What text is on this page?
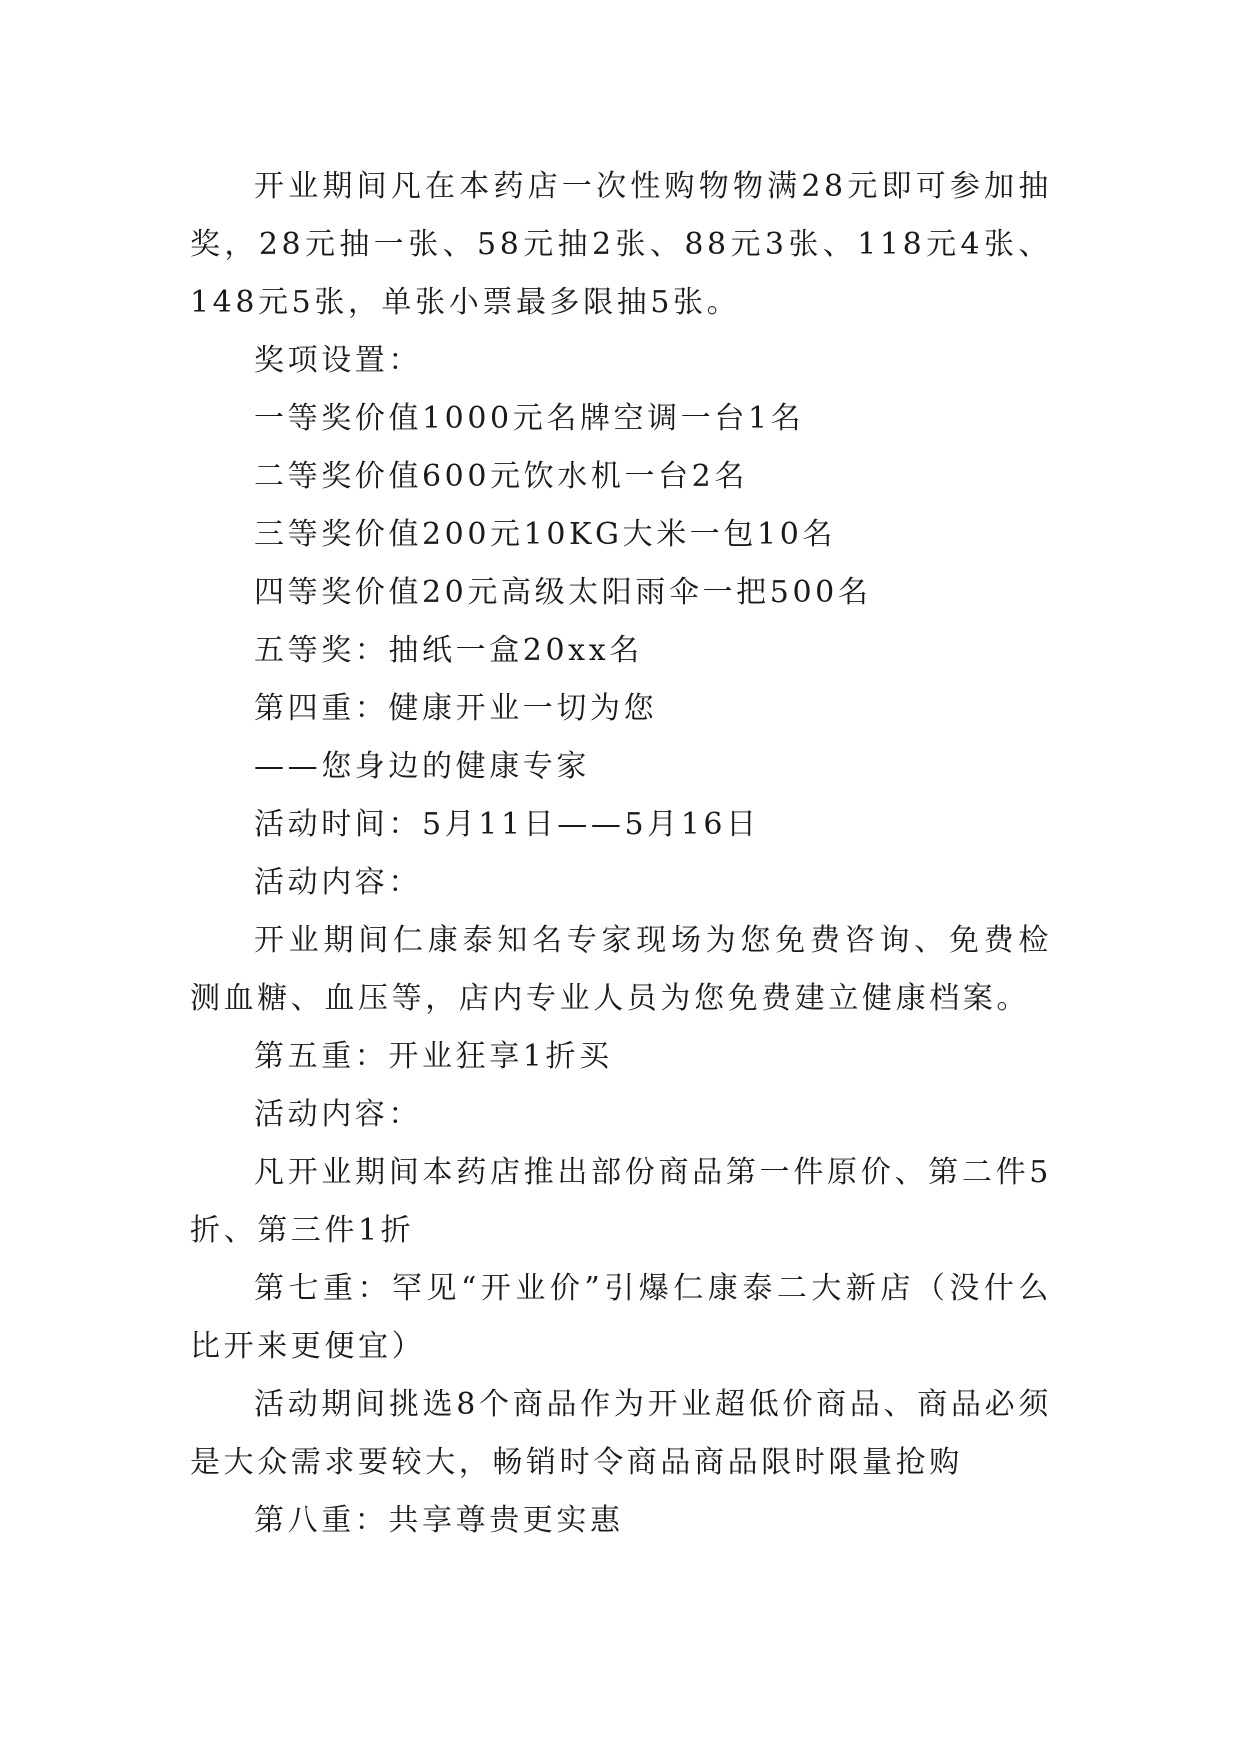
开业期间凡在本药店一次性购物物满28元即可参加抽奖，28元抽一张、58元抽2张、88元3张、118元4张、148元5张，单张小票最多限抽5张。

奖项设置：

一等奖价值1000元名牌空调一台1名

二等奖价值600元饮水机一台2名

三等奖价值200元10KG大米一包10名

四等奖价值20元高级太阳雨伞一把500名

五等奖：抽纸一盒20xx名

第四重：健康开业一切为您

——您身边的健康专家

活动时间：5月11日——5月16日

活动内容：

开业期间仁康泰知名专家现场为您免费咨询、免费检测血糖、血压等，店内专业人员为您免费建立健康档案。

第五重：开业狂享1折买

活动内容：

凡开业期间本药店推出部份商品第一件原价、第二件5折、第三件1折

第七重：罕见“开业价”引爆仁康泰二大新店（没什么比开来更便宜）

活动期间挑选8个商品作为开业超低价商品、商品必须是大众需求要较大，畅销时令商品商品限时限量抢购

第八重：共享尊贵更实惠
